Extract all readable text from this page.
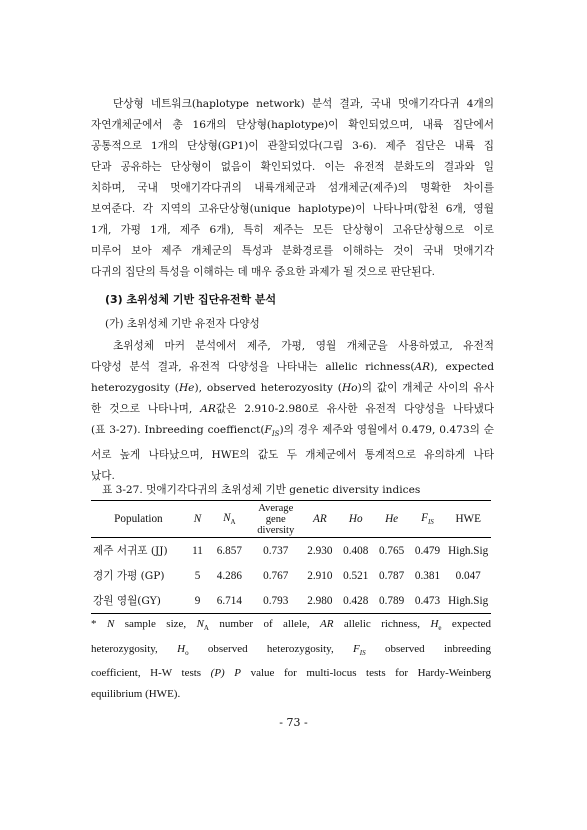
단상형 네트워크(haplotype network) 분석 결과, 국내 멋애기각다귀 4개의
자연개체군에서 총 16개의 단상형(haplotype)이 확인되었으며, 내륙 집단에서
공통적으로 1개의 단상형(GP1)이 관찰되었다(그림 3-6). 제주 집단은 내륙 집
단과 공유하는 단상형이 없음이 확인되었다. 이는 유전적 분화도의 결과와 일
치하며, 국내 멋애기각다귀의 내륙개체군과 섬개체군(제주)의 명확한 차이를
보여준다. 각 지역의 고유단상형(unique haplotype)이 나타나며(합천 6개, 영월
1개, 가평 1개, 제주 6개), 특히 제주는 모든 단상형이 고유단상형으로 이로
미루어 보아 제주 개체군의 특성과 분화경로를 이해하는 것이 국내 멋애기각
다귀의 집단의 특성을 이해하는 데 매우 중요한 과제가 될 것으로 판단된다.

(3) 초위성체 기반 집단유전학 분석

(가) 초위성체 기반 유전자 다양성

초위성체 마커 분석에서 제주, 가평, 영월 개체군을 사용하였고, 유전적
다양성 분석 결과, 유전적 다양성을 나타내는 allelic richness(AR), expected
heterozygosity (He), observed heterozyosity (Ho)의 값이 개체군 사이의 유사
한 것으로 나타나며, AR값은 2.910-2.980로 유사한 유전적 다양성을 나타냈다
(표 3-27). Inbreeding $coeffienct(F_{IS})$의 경우 제주와 영월에서 0.479, 0.473의 순
서로 높게 나타났으며, HWE의 값도 두 개체군에서 통계적으로 유의하게 나타
났다.

표 3-27. 멋애기각다귀의 초위성체 기반 genetic diversity indices

Population	N	$N_A$	Average
gene
diversity	AR	Ho	He	$F_{IS}$	HWE
제주 서귀포 (JJ)	11	6.857	0.737	2.930	0.408	0.765	0.479	High.Sig
경기 가평 (GP)	5	4.286	0.767	2.910	0.521	0.787	0.381	0.047
강원 영월(GY)	9	6.714	0.793	2.980	0.428	0.789	0.473	High.Sig

* N sample size, $N_A$ number of allele, AR allelic richness, $H_e$ expected
heterozygosity, $H_o$ observed heterozygosity, $F_{IS}$ observed inbreeding
coefficient, H-W tests (P) P value for multi-locus tests for Hardy-Weinberg
equilibrium (HWE).

- 73 -
